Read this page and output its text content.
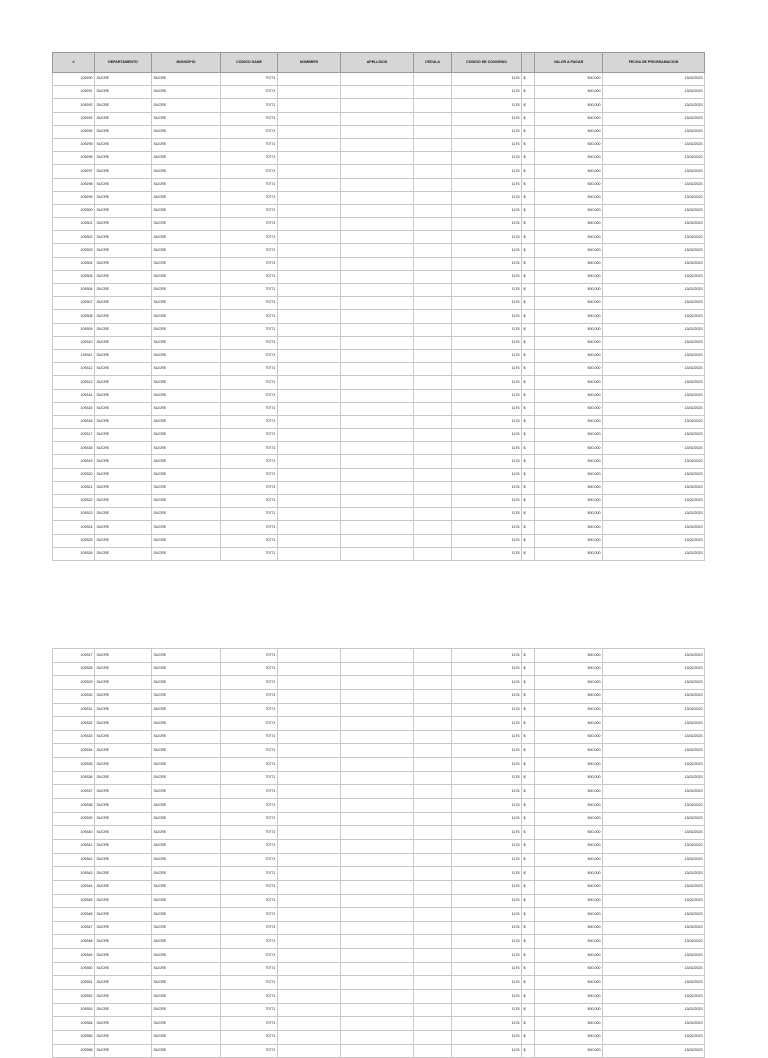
#	DEPARTAMENTO	MUNICIPIO	CODIGO DANE	NOMBRES	APELLIDOS	CEDULA	CODIGO DE CONVENIO		VALOR A PAGAR	FECHA DE PROGRAMACION
109290	SUCRE	SUCRE	70771				1176	$	500.000	13/02/2023
109291	SUCRE	SUCRE	70771				1176	$	500.000	13/02/2023
109292	SUCRE	SUCRE	70771				1176	$	500.000	13/02/2023
109293	SUCRE	SUCRE	70771				1176	$	500.000	13/02/2023
109294	SUCRE	SUCRE	70771				1176	$	500.000	13/02/2023
109295	SUCRE	SUCRE	70771				1176	$	500.000	13/02/2023
109296	SUCRE	SUCRE	70771				1176	$	500.000	13/02/2023
109297	SUCRE	SUCRE	70771				1176	$	500.000	13/02/2023
109298	SUCRE	SUCRE	70771				1176	$	500.000	13/02/2023
109299	SUCRE	SUCRE	70771				1176	$	500.000	13/02/2023
109300	SUCRE	SUCRE	70771				1176	$	500.000	13/02/2023
109301	SUCRE	SUCRE	70771				1176	$	500.000	13/02/2023
109302	SUCRE	SUCRE	70771				1176	$	500.000	13/02/2023
109303	SUCRE	SUCRE	70771				1176	$	500.000	13/02/2023
109304	SUCRE	SUCRE	70771				1176	$	500.000	13/02/2023
109305	SUCRE	SUCRE	70771				1176	$	500.000	13/02/2023
109306	SUCRE	SUCRE	70771				1176	$	500.000	13/02/2023
109307	SUCRE	SUCRE	70771				1176	$	500.000	13/02/2023
109308	SUCRE	SUCRE	70771				1176	$	500.000	13/02/2023
109309	SUCRE	SUCRE	70771				1176	$	500.000	13/02/2023
109310	SUCRE	SUCRE	70771				1176	$	500.000	13/02/2023
109311	SUCRE	SUCRE	70771				1176	$	500.000	13/02/2023
109312	SUCRE	SUCRE	70771				1176	$	500.000	13/02/2023
109313	SUCRE	SUCRE	70771				1176	$	500.000	13/02/2023
109314	SUCRE	SUCRE	70771				1176	$	500.000	13/02/2023
109315	SUCRE	SUCRE	70771				1176	$	500.000	13/02/2023
109316	SUCRE	SUCRE	70771				1176	$	500.000	13/02/2023
109317	SUCRE	SUCRE	70771				1176	$	500.000	13/02/2023
109318	SUCRE	SUCRE	70771				1176	$	500.000	13/02/2023
109319	SUCRE	SUCRE	70771				1176	$	500.000	13/02/2023
109320	SUCRE	SUCRE	70771				1176	$	500.000	13/02/2023
109321	SUCRE	SUCRE	70771				1176	$	500.000	13/02/2023
109322	SUCRE	SUCRE	70771				1176	$	500.000	13/02/2023
109323	SUCRE	SUCRE	70771				1176	$	500.000	13/02/2023
109324	SUCRE	SUCRE	70771				1176	$	500.000	13/02/2023
109325	SUCRE	SUCRE	70771				1176	$	500.000	13/02/2023
109326	SUCRE	SUCRE	70771				1176	$	500.000	13/02/2023
109327	SUCRE	SUCRE	70771				1176	$	500.000	13/02/2023
109328	SUCRE	SUCRE	70771				1176	$	500.000	13/02/2023
109329	SUCRE	SUCRE	70771				1176	$	500.000	13/02/2023
109330	SUCRE	SUCRE	70771				1176	$	500.000	13/02/2023
109331	SUCRE	SUCRE	70771				1176	$	500.000	13/02/2023
109332	SUCRE	SUCRE	70771				1176	$	500.000	13/02/2023
109333	SUCRE	SUCRE	70771				1176	$	500.000	13/02/2023
109334	SUCRE	SUCRE	70771				1176	$	500.000	13/02/2023
109335	SUCRE	SUCRE	70771				1176	$	500.000	13/02/2023
109336	SUCRE	SUCRE	70771				1176	$	500.000	13/02/2023
109337	SUCRE	SUCRE	70771				1176	$	500.000	13/02/2023
109338	SUCRE	SUCRE	70771				1176	$	500.000	13/02/2023
109339	SUCRE	SUCRE	70771				1176	$	500.000	13/02/2023
109340	SUCRE	SUCRE	70771				1176	$	500.000	13/02/2023
109341	SUCRE	SUCRE	70771				1176	$	500.000	13/02/2023
109342	SUCRE	SUCRE	70771				1176	$	500.000	13/02/2023
109343	SUCRE	SUCRE	70771				1176	$	500.000	13/02/2023
109344	SUCRE	SUCRE	70771				1176	$	500.000	13/02/2023
109345	SUCRE	SUCRE	70771				1176	$	500.000	13/02/2023
109346	SUCRE	SUCRE	70771				1176	$	500.000	13/02/2023
109347	SUCRE	SUCRE	70771				1176	$	500.000	13/02/2023
109348	SUCRE	SUCRE	70771				1176	$	500.000	13/02/2023
109349	SUCRE	SUCRE	70771				1176	$	500.000	13/02/2023
109350	SUCRE	SUCRE	70771				1176	$	500.000	13/02/2023
109351	SUCRE	SUCRE	70771				1176	$	500.000	13/02/2023
109352	SUCRE	SUCRE	70771				1176	$	500.000	13/02/2023
109353	SUCRE	SUCRE	70771				1176	$	500.000	13/02/2023
109354	SUCRE	SUCRE	70771				1176	$	500.000	13/02/2023
109355	SUCRE	SUCRE	70771				1176	$	500.000	13/02/2023
109356	SUCRE	SUCRE	70771				1176	$	500.000	13/02/2023
